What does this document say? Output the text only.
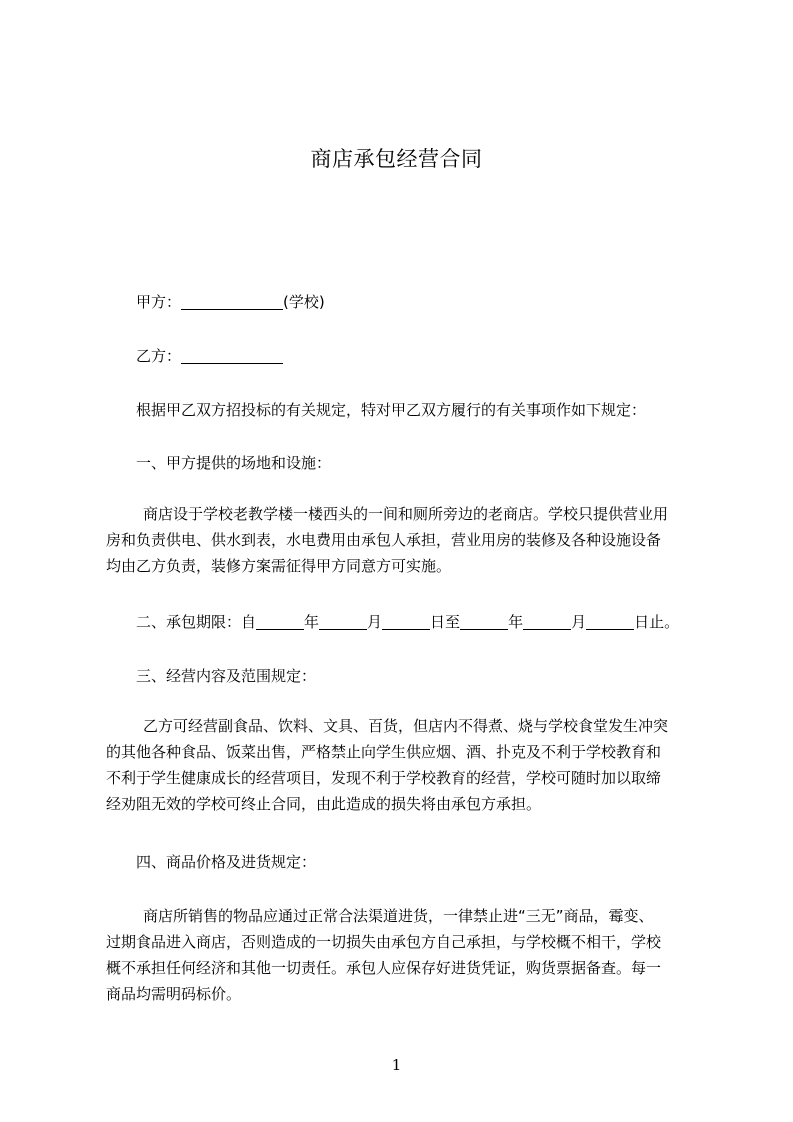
商店承包经营合同
甲方：	(学校)
乙方：
根据甲乙双方招投标的有关规定，特对甲乙双方履行的有关事项作如下规定：
一、甲方提供的场地和设施：
商店设于学校老教学楼一楼西头的一间和厕所旁边的老商店。学校只提供营业用
房和负责供电、供水到表，水电费用由承包人承担，营业用房的装修及各种设施设备
均由乙方负责，装修方案需征得甲方同意方可实施。
二、承包期限：自	年	月	日至	年	月	日止。
三、经营内容及范围规定：
乙方可经营副食品、饮料、文具、百货，但店内不得煮、烧与学校食堂发生冲突
的其他各种食品、饭菜出售，严格禁止向学生供应烟、酒、扑克及不利于学校教育和
不利于学生健康成长的经营项目，发现不利于学校教育的经营，学校可随时加以取缔
经劝阻无效的学校可终止合同，由此造成的损失将由承包方承担。
四、商品价格及进货规定：
商店所销售的物品应通过正常合法渠道进货，一律禁止进“三无”商品，霉变、
过期食品进入商店，否则造成的一切损失由承包方自己承担，与学校概不相干，学校
概不承担任何经济和其他一切责任。承包人应保存好进货凭证，购货票据备查。每一
商品均需明码标价。
1
